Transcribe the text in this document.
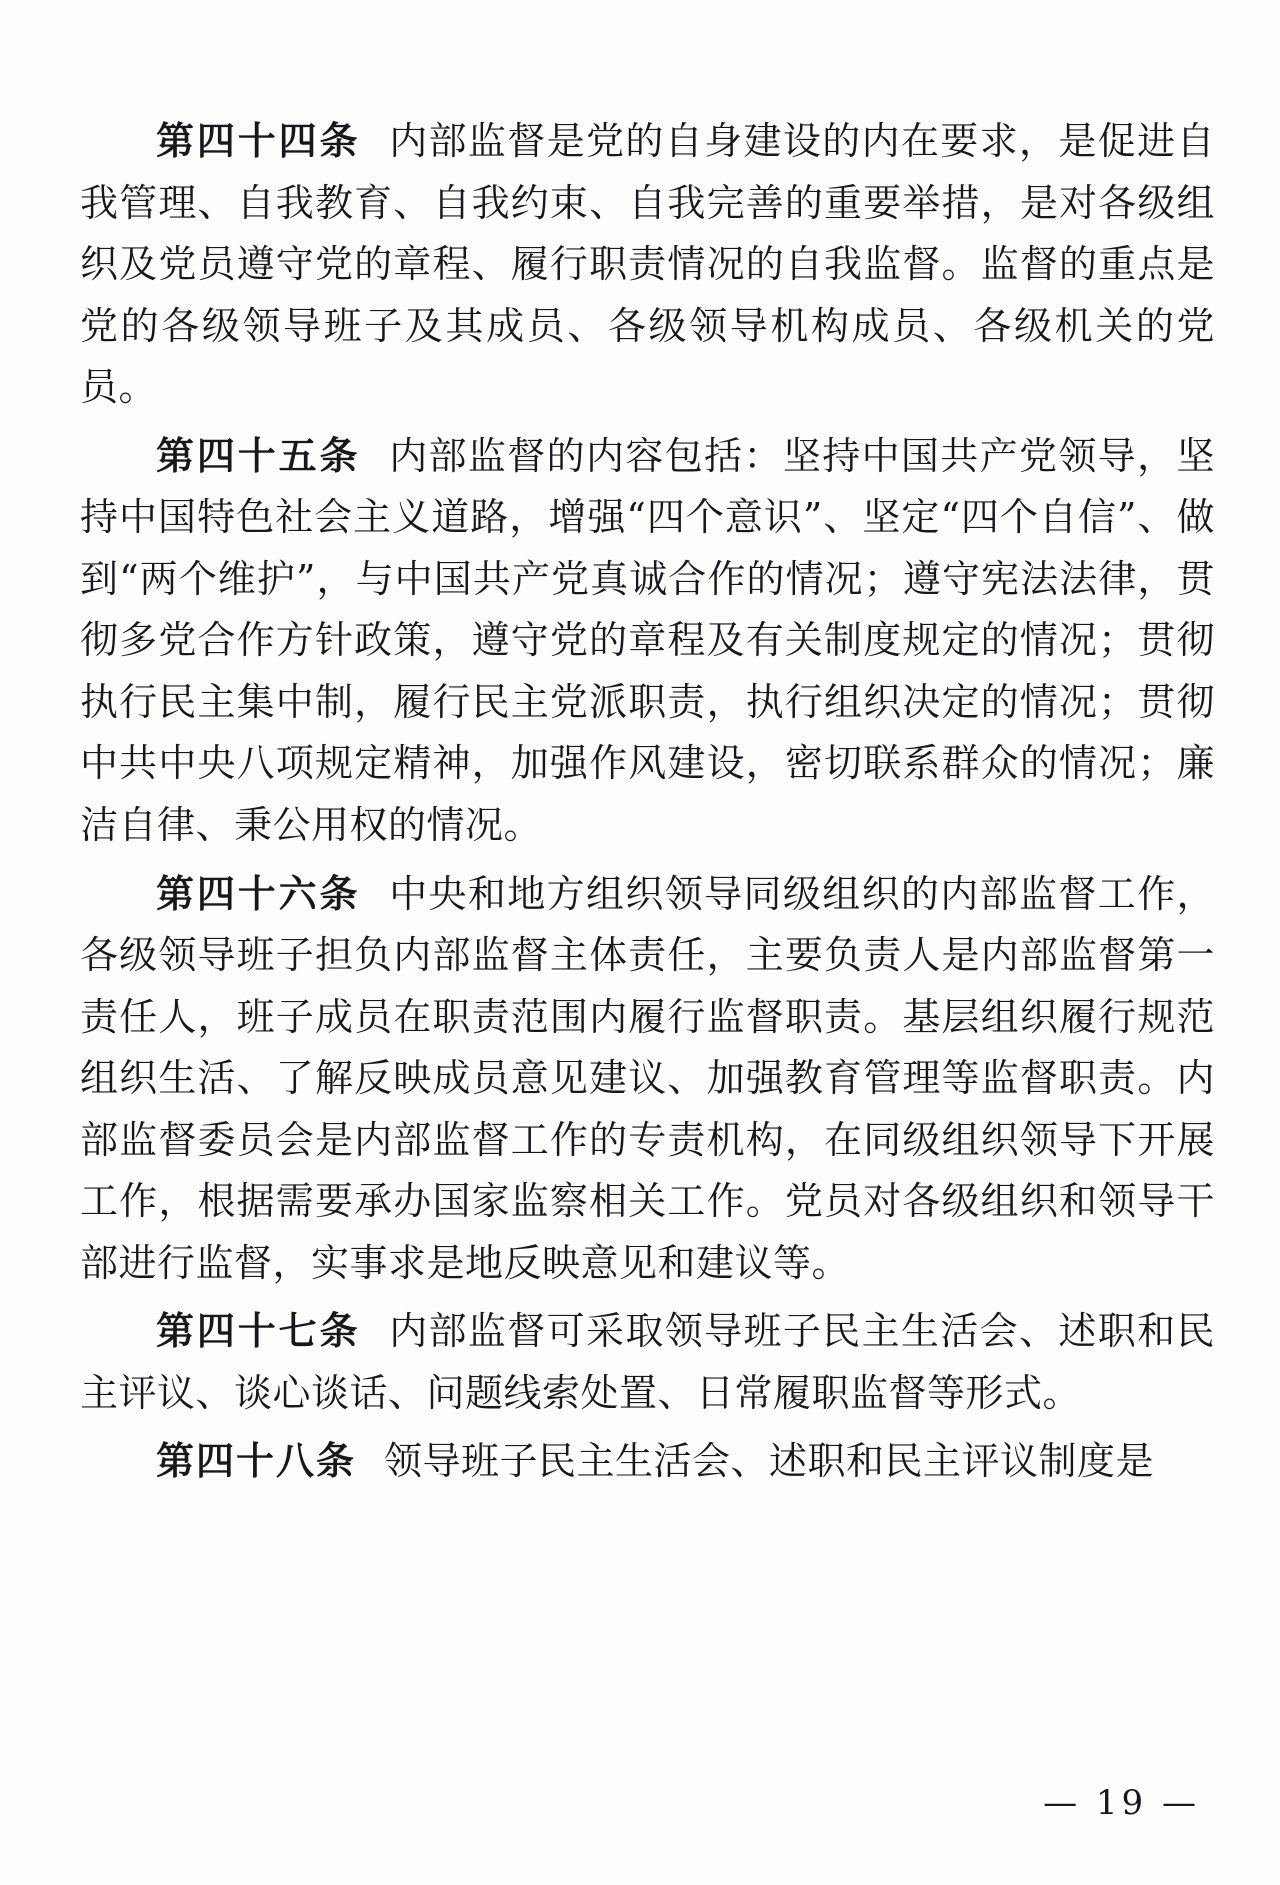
第四十四条 内部监督是党的自身建设的内在要求，是促进自我管理、自我教育、自我约束、自我完善的重要举措，是对各级组织及党员遵守党的章程、履行职责情况的自我监督。监督的重点是党的各级领导班子及其成员、各级领导机构成员、各级机关的党员。

第四十五条 内部监督的内容包括：坚持中国共产党领导，坚持中国特色社会主义道路，增强“四个意识”、坚定“四个自信”、做到“两个维护”，与中国共产党真诚合作的情况；遵守宪法法律，贯彻多党合作方针政策，遵守党的章程及有关制度规定的情况；贯彻执行民主集中制，履行民主党派职责，执行组织决定的情况；贯彻中共中央八项规定精神，加强作风建设，密切联系群众的情况；廉洁自律、秉公用权的情况。

第四十六条 中央和地方组织领导同级组织的内部监督工作，各级领导班子担负内部监督主体责任，主要负责人是内部监督第一责任人，班子成员在职责范围内履行监督职责。基层组织履行规范组织生活、了解反映成员意见建议、加强教育管理等监督职责。内部监督委员会是内部监督工作的专责机构，在同级组织领导下开展工作，根据需要承办国家监察相关工作。党员对各级组织和领导干部进行监督，实事求是地反映意见和建议等。

第四十七条 内部监督可采取领导班子民主生活会、述职和民主评议、谈心谈话、问题线索处置、日常履职监督等形式。

第四十八条 领导班子民主生活会、述职和民主评议制度是

— 19 —
